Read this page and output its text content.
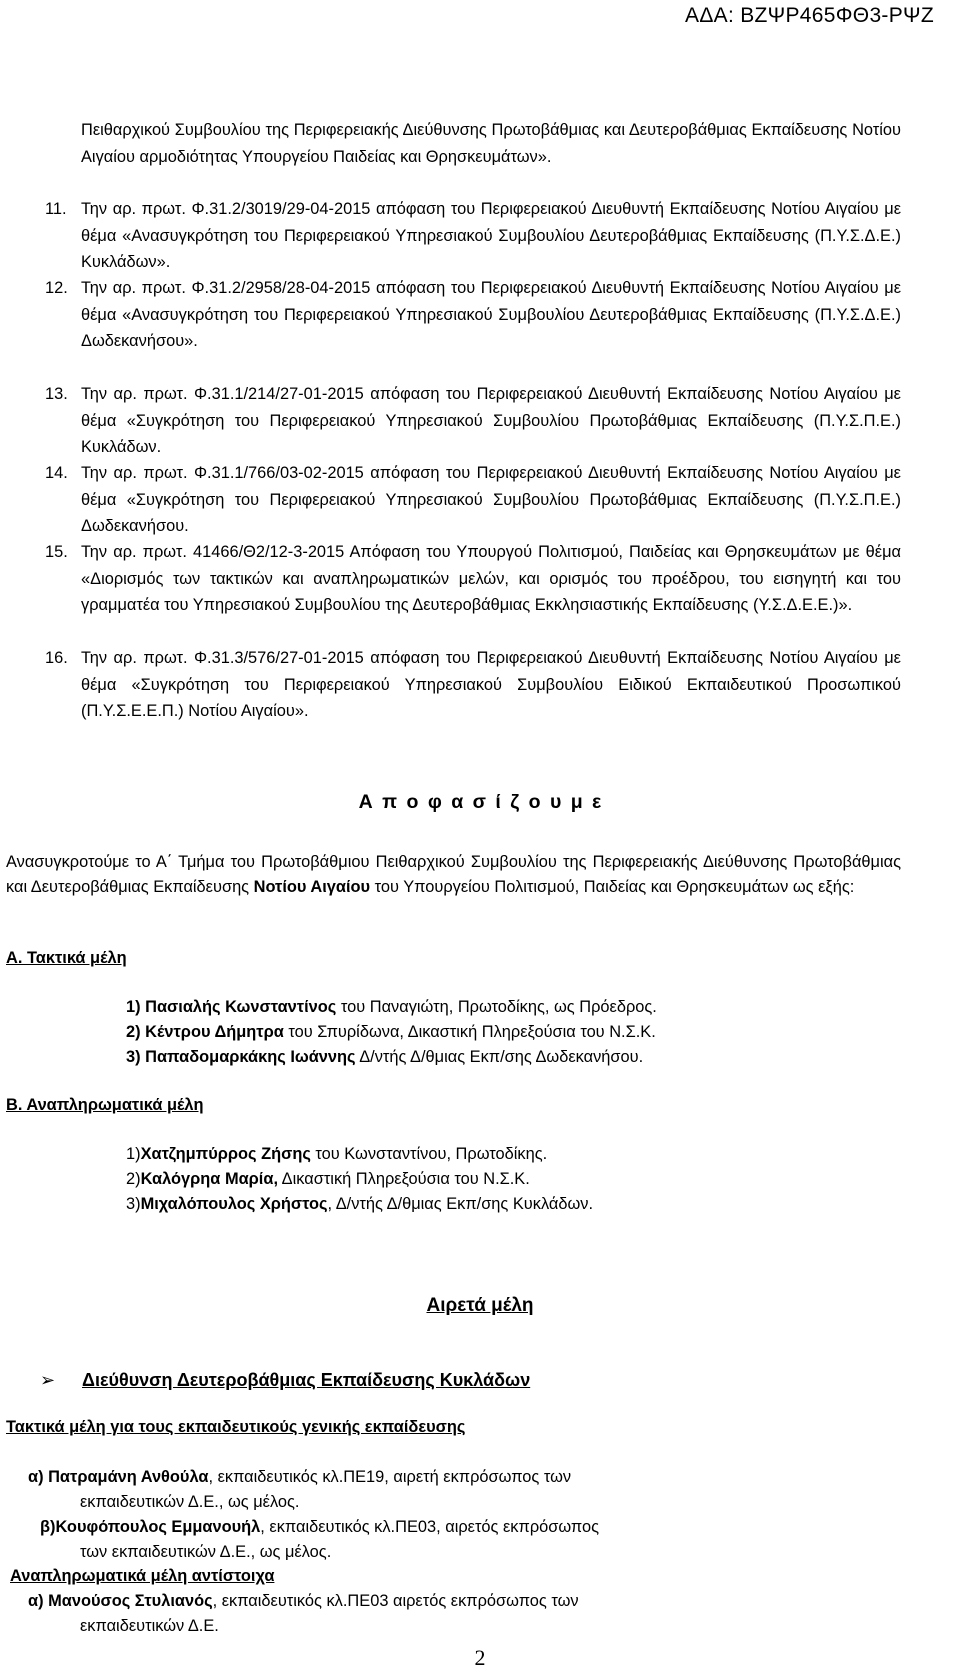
ΑΔΑ: ΒΖΨΡ465ΦΘ3-ΡΨΖ
Πειθαρχικού Συμβουλίου της Περιφερειακής Διεύθυνσης Πρωτοβάθμιας και Δευτεροβάθμιας Εκπαίδευσης Νοτίου Αιγαίου αρμοδιότητας Υπουργείου Παιδείας και Θρησκευμάτων».
11. Την αρ. πρωτ. Φ.31.2/3019/29-04-2015 απόφαση του Περιφερειακού Διευθυντή Εκπαίδευσης Νοτίου Αιγαίου με θέμα «Ανασυγκρότηση του Περιφερειακού Υπηρεσιακού Συμβουλίου Δευτεροβάθμιας Εκπαίδευσης (Π.Υ.Σ.Δ.Ε.) Κυκλάδων».
12. Την αρ. πρωτ. Φ.31.2/2958/28-04-2015 απόφαση του Περιφερειακού Διευθυντή Εκπαίδευσης Νοτίου Αιγαίου με θέμα «Ανασυγκρότηση του Περιφερειακού Υπηρεσιακού Συμβουλίου Δευτεροβάθμιας Εκπαίδευσης (Π.Υ.Σ.Δ.Ε.) Δωδεκανήσου».
13. Την αρ. πρωτ. Φ.31.1/214/27-01-2015 απόφαση του Περιφερειακού Διευθυντή Εκπαίδευσης Νοτίου Αιγαίου με θέμα «Συγκρότηση του Περιφερειακού Υπηρεσιακού Συμβουλίου Πρωτοβάθμιας Εκπαίδευσης (Π.Υ.Σ.Π.Ε.) Κυκλάδων.
14. Την αρ. πρωτ. Φ.31.1/766/03-02-2015 απόφαση του Περιφερειακού Διευθυντή Εκπαίδευσης Νοτίου Αιγαίου με θέμα «Συγκρότηση του Περιφερειακού Υπηρεσιακού Συμβουλίου Πρωτοβάθμιας Εκπαίδευσης (Π.Υ.Σ.Π.Ε.) Δωδεκανήσου.
15. Την αρ. πρωτ. 41466/Θ2/12-3-2015 Απόφαση του Υπουργού Πολιτισμού, Παιδείας και Θρησκευμάτων με θέμα «Διορισμός των τακτικών και αναπληρωματικών μελών, και ορισμός του προέδρου, του εισηγητή και του γραμματέα του Υπηρεσιακού Συμβουλίου της Δευτεροβάθμιας Εκκλησιαστικής Εκπαίδευσης (Υ.Σ.Δ.Ε.Ε.)».
16. Την αρ. πρωτ. Φ.31.3/576/27-01-2015 απόφαση του Περιφερειακού Διευθυντή Εκπαίδευσης Νοτίου Αιγαίου με θέμα «Συγκρότηση του Περιφερειακού Υπηρεσιακού Συμβουλίου Ειδικού Εκπαιδευτικού Προσωπικού (Π.Υ.Σ.Ε.Ε.Π.) Νοτίου Αιγαίου».
Α π ο φ α σ ί ζ ο υ μ ε
Ανασυγκροτούμε το Α΄ Τμήμα του Πρωτοβάθμιου Πειθαρχικού Συμβουλίου της Περιφερειακής Διεύθυνσης Πρωτοβάθμιας και Δευτεροβάθμιας Εκπαίδευσης Νοτίου Αιγαίου του Υπουργείου Πολιτισμού, Παιδείας και Θρησκευμάτων ως εξής:
Α. Τακτικά μέλη
1) Πασιαλής Κωνσταντίνος του Παναγιώτη, Πρωτοδίκης, ως Πρόεδρος.
2) Κέντρου Δήμητρα του Σπυρίδωνα, Δικαστική Πληρεξούσια του Ν.Σ.Κ.
3) Παπαδομαρκάκης Ιωάννης Δ/ντής Δ/θμιας Εκπ/σης Δωδεκανήσου.
Β. Αναπληρωματικά μέλη
1)Χατζημπύρρος Ζήσης του Κωνσταντίνου, Πρωτοδίκης.
2)Καλόγρηα Μαρία, Δικαστική Πληρεξούσια του Ν.Σ.Κ.
3)Μιχαλόπουλος Χρήστος, Δ/ντής Δ/θμιας Εκπ/σης Κυκλάδων.
Αιρετά μέλη
➢ Διεύθυνση Δευτεροβάθμιας Εκπαίδευσης Κυκλάδων
Τακτικά μέλη για τους εκπαιδευτικούς γενικής εκπαίδευσης
α) Πατραμάνη Ανθούλα, εκπαιδευτικός κλ.ΠΕ19, αιρετή εκπρόσωπος των
εκπαιδευτικών Δ.Ε., ως μέλος.
β)Κουφόπουλος Εμμανουήλ, εκπαιδευτικός κλ.ΠΕ03, αιρετός εκπρόσωπος
των εκπαιδευτικών Δ.Ε., ως μέλος.
Αναπληρωματικά μέλη αντίστοιχα
α) Μανούσος Στυλιανός, εκπαιδευτικός κλ.ΠΕ03 αιρετός εκπρόσωπος των
εκπαιδευτικών Δ.Ε.
2
